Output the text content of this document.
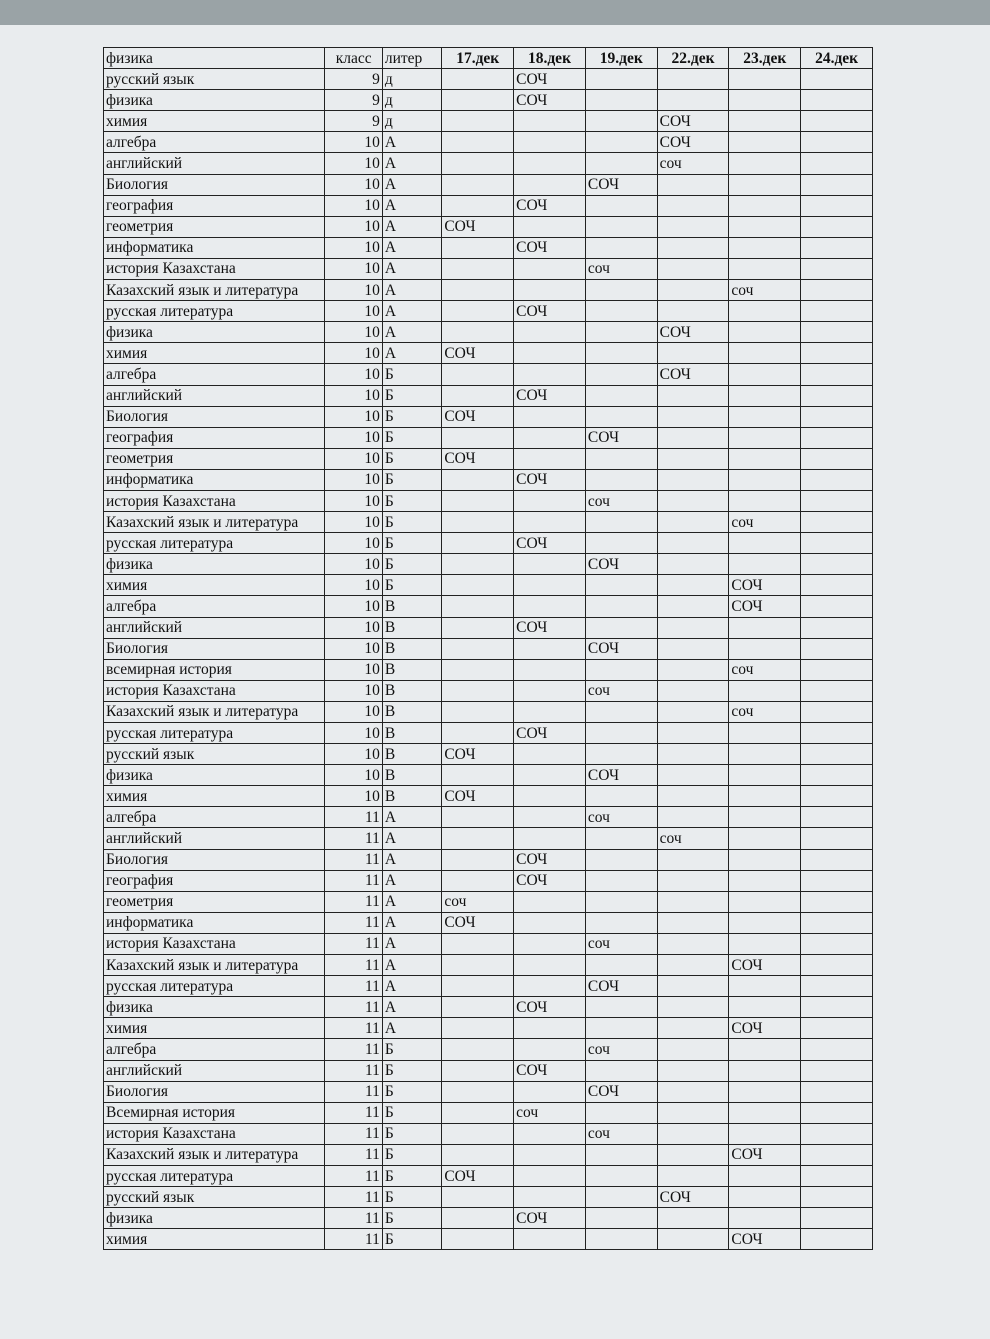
физика	класс	литер	17.дек	18.дек	19.дек	22.дек	23.дек	24.дек
русский язык	9	д		СОЧ				
физика	9	д		СОЧ				
химия	9	д				СОЧ		
алгебра	10	А				СОЧ		
английский	10	А				соч		
Биология	10	А			СОЧ			
география	10	А		СОЧ				
геометрия	10	А	СОЧ					
информатика	10	А		СОЧ				
история Казахстана	10	А			соч			
Казахский язык и литература	10	А					соч	
русская литература	10	А		СОЧ				
физика	10	А				СОЧ		
химия	10	А	СОЧ					
алгебра	10	Б				СОЧ		
английский	10	Б		СОЧ				
Биология	10	Б	СОЧ					
география	10	Б			СОЧ			
геометрия	10	Б	СОЧ					
информатика	10	Б		СОЧ				
история Казахстана	10	Б			соч			
Казахский язык и литература	10	Б					соч	
русская литература	10	Б		СОЧ				
физика	10	Б			СОЧ			
химия	10	Б					СОЧ	
алгебра	10	В					СОЧ	
английский	10	В		СОЧ				
Биология	10	В			СОЧ			
всемирная история	10	В					соч	
история Казахстана	10	В			соч			
Казахский язык и литература	10	В					соч	
русская литература	10	В		СОЧ				
русский язык	10	В	СОЧ					
физика	10	В			СОЧ			
химия	10	В	СОЧ					
алгебра	11	А			соч			
английский	11	А				соч		
Биология	11	А		СОЧ				
география	11	А		СОЧ				
геометрия	11	А	соч					
информатика	11	А	СОЧ					
история Казахстана	11	А			соч			
Казахский язык и литература	11	А					СОЧ	
русская литература	11	А			СОЧ			
физика	11	А		СОЧ				
химия	11	А					СОЧ	
алгебра	11	Б			соч			
английский	11	Б		СОЧ				
Биология	11	Б			СОЧ			
Всемирная история	11	Б		соч				
история Казахстана	11	Б			соч			
Казахский язык и литература	11	Б					СОЧ	
русская литература	11	Б	СОЧ					
русский язык	11	Б				СОЧ		
физика	11	Б		СОЧ				
химия	11	Б					СОЧ	
